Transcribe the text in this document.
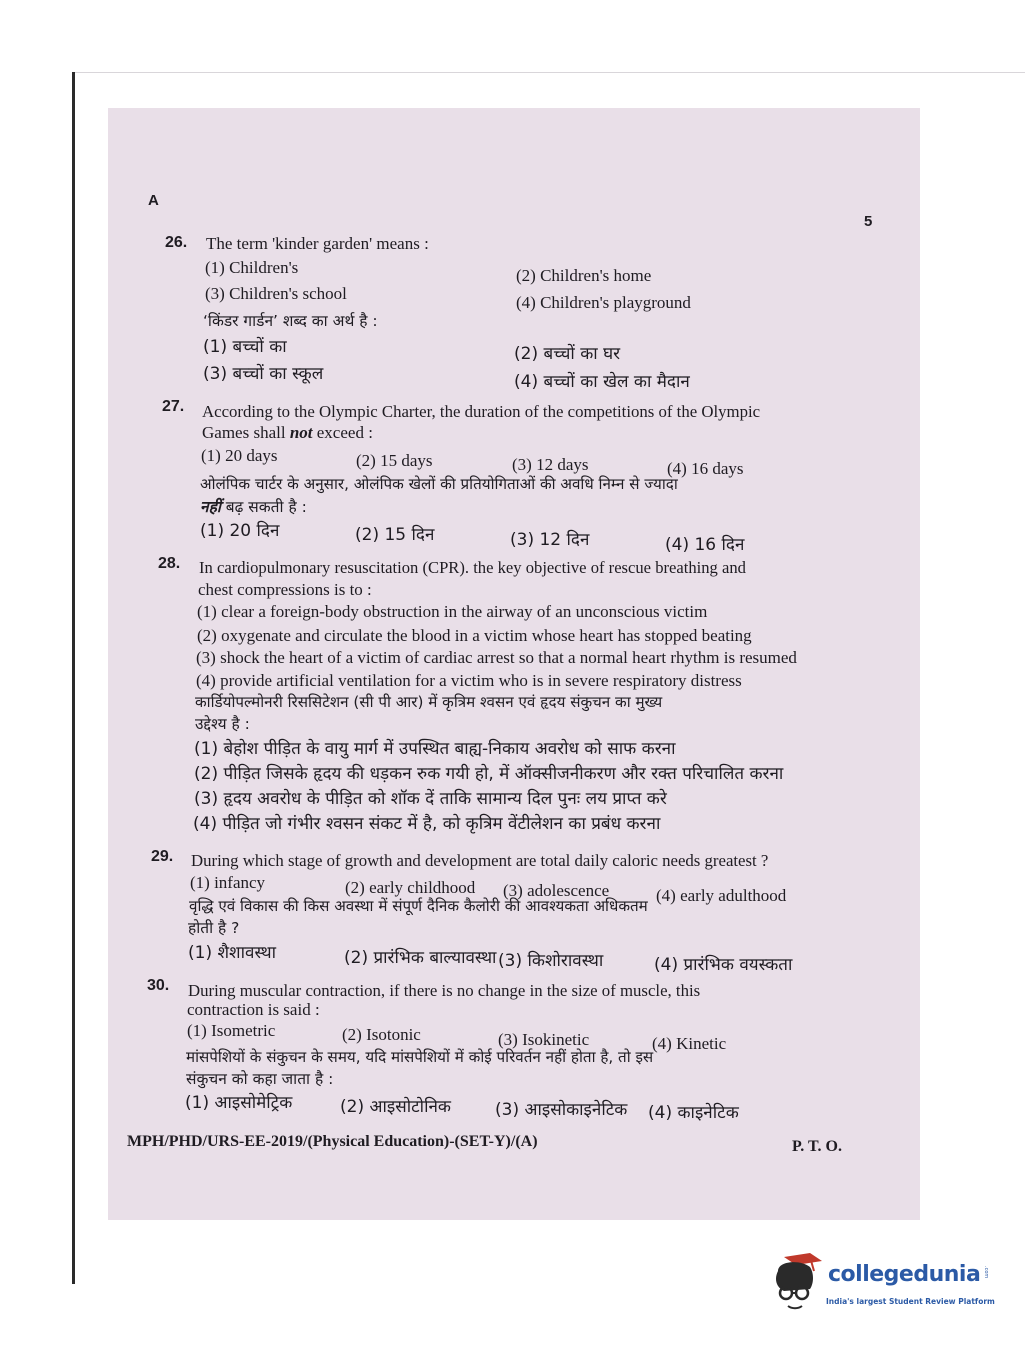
A
5
26. The term 'kinder garden' means :
(1) Children's	(2) Children's home
(3) Children's school	(4) Children's playground
‘किंडर गार्डन’ शब्द का अर्थ है :
(1) बच्चों का	(2) बच्चों का घर
(3) बच्चों का स्कूल	(4) बच्चों का खेल का मैदान
27. According to the Olympic Charter, the duration of the competitions of the Olympic
Games shall not exceed :
(1) 20 days	(2) 15 days	(3) 12 days	(4) 16 days
ओलंपिक चार्टर के अनुसार, ओलंपिक खेलों की प्रतियोगिताओं की अवधि निम्न से ज्यादा
नहीं बढ़ सकती है :
(1) 20 दिन	(2) 15 दिन	(3) 12 दिन	(4) 16 दिन
28. In cardiopulmonary resuscitation (CPR). the key objective of rescue breathing and
chest compressions is to :
(1) clear a foreign-body obstruction in the airway of an unconscious victim
(2) oxygenate and circulate the blood in a victim whose heart has stopped beating
(3) shock the heart of a victim of cardiac arrest so that a normal heart rhythm is resumed
(4) provide artificial ventilation for a victim who is in severe respiratory distress
कार्डियोपल्मोनरी रिससिटेशन (सी पी आर) में कृत्रिम श्वसन एवं हृदय संकुचन का मुख्य
उद्देश्य है :
(1) बेहोश पीड़ित के वायु मार्ग में उपस्थित बाह्य-निकाय अवरोध को साफ करना
(2) पीड़ित जिसके हृदय की धड़कन रुक गयी हो, में ऑक्सीजनीकरण और रक्त परिचालित करना
(3) हृदय अवरोध के पीड़ित को शॉक दें ताकि सामान्य दिल पुनः लय प्राप्त करे
(4) पीड़ित जो गंभीर श्वसन संकट में है, को कृत्रिम वेंटीलेशन का प्रबंध करना
29. During which stage of growth and development are total daily caloric needs greatest ?
(1) infancy	(2) early childhood (3) adolescence	(4) early adulthood
वृद्धि एवं विकास की किस अवस्था में संपूर्ण दैनिक कैलोरी की आवश्यकता अधिकतम
होती है ?
(1) शैशावस्था	(2) प्रारंभिक बाल्यावस्था (3) किशोरावस्था	(4) प्रारंभिक वयस्कता
30. During muscular contraction, if there is no change in the size of muscle, this
contraction is said :
(1) Isometric	(2) Isotonic	(3) Isokinetic	(4) Kinetic
मांसपेशियों के संकुचन के समय, यदि मांसपेशियों में कोई परिवर्तन नहीं होता है, तो इस
संकुचन को कहा जाता है :
(1) आइसोमेट्रिक	(2) आइसोटोनिक	(3) आइसोकाइनेटिक (4) काइनेटिक
MPH/PHD/URS-EE-2019/(Physical Education)-(SET-Y)/(A)	P. T. O.
collegedunia .com
India's largest Student Review Platform
